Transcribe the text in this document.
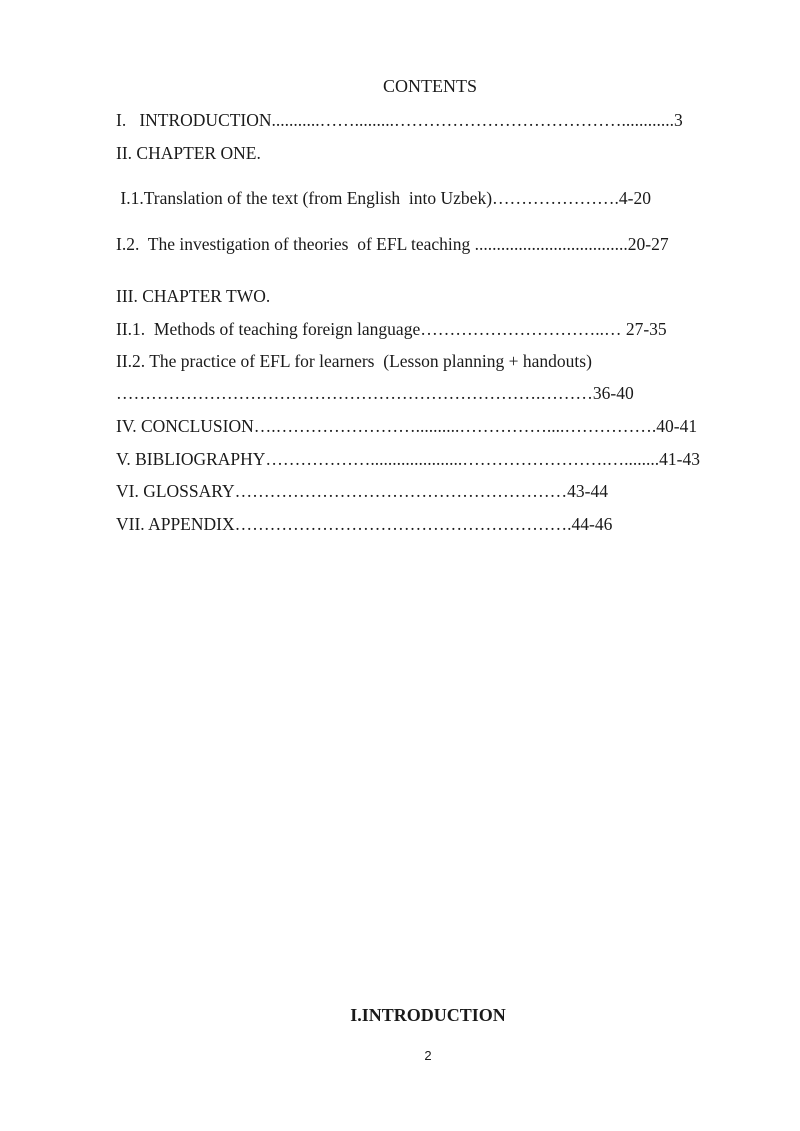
CONTENTS
I.   INTRODUCTION...........…….........…………………………………............3
II. CHAPTER ONE.
I.1.Translation of the text (from English  into Uzbek)………………….4-20
I.2.  The investigation of theories  of EFL teaching ...................................20-27
III. CHAPTER TWO.
II.1.  Methods of teaching foreign language…………………………..… 27-35
II.2. The practice of EFL for learners  (Lesson planning + handouts)
……………………………………………………………….………36-40
IV. CONCLUSION….……………………..........……………....…………….40-41
V. BIBLIOGRAPHY……………….....................…………………….…........41-43
VI. GLOSSARY…………………………………………………43-44
VII. APPENDIX………………………………………………….44-46
I.INTRODUCTION
2
